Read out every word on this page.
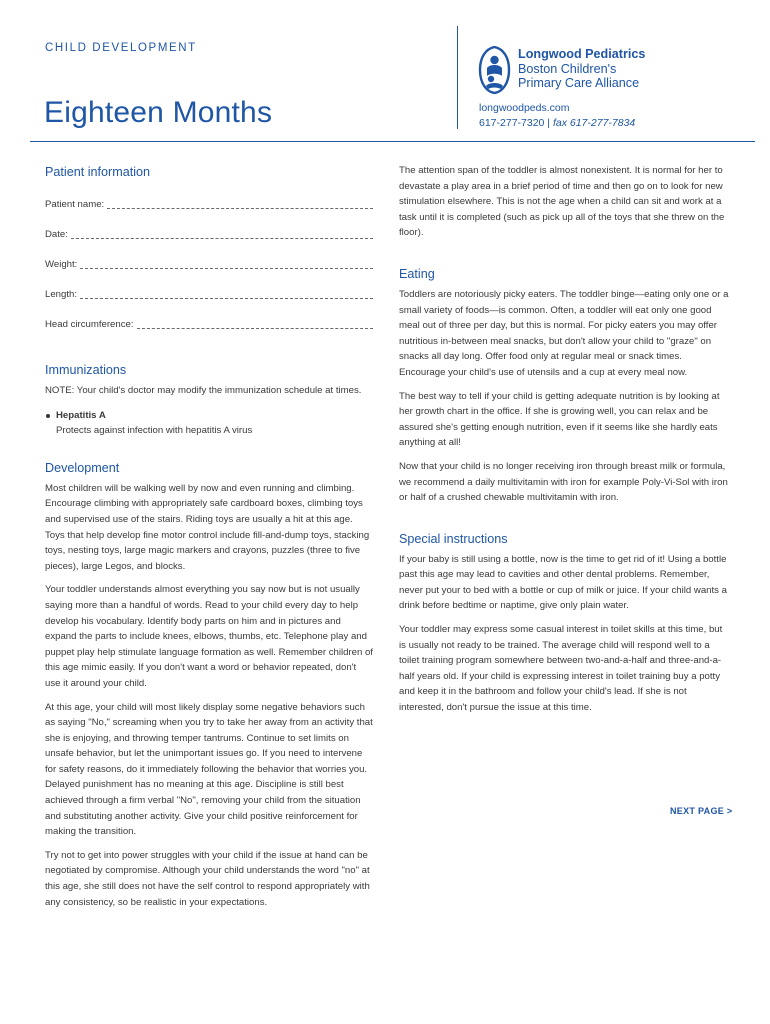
CHILD DEVELOPMENT
Eighteen Months
Longwood Pediatrics
Boston Children's
Primary Care Alliance
longwoodpeds.com
617-277-7320 | fax 617-277-7834
Patient information
Patient name:
Date:
Weight:
Length:
Head circumference:
Immunizations

NOTE: Your child's doctor may modify the immunization schedule at times.

Hepatitis A
Protects against infection with hepatitis A virus
Development

Most children will be walking well by now and even running and climbing. Encourage climbing with appropriately safe cardboard boxes, climbing toys and supervised use of the stairs. Riding toys are usually a hit at this age. Toys that help develop fine motor control include fill-and-dump toys, stacking toys, nesting toys, large magic markers and crayons, puzzles (three to five pieces), large Legos, and blocks.

Your toddler understands almost everything you say now but is not usually saying more than a handful of words. Read to your child every day to help develop his vocabulary. Identify body parts on him and in pictures and expand the parts to include knees, elbows, thumbs, etc. Telephone play and puppet play help stimulate language formation as well. Remember children of this age mimic easily. If you don't want a word or behavior repeated, don't use it around your child.

At this age, your child will most likely display some negative behaviors such as saying "No," screaming when you try to take her away from an activity that she is enjoying, and throwing temper tantrums. Continue to set limits on unsafe behavior, but let the unimportant issues go. If you need to intervene for safety reasons, do it immediately following the behavior that worries you. Delayed punishment has no meaning at this age. Discipline is still best achieved through a firm verbal "No", removing your child from the situation and substituting another activity. Give your child positive reinforcement for making the transition.

Try not to get into power struggles with your child if the issue at hand can be negotiated by compromise. Although your child understands the word "no" at this age, she still does not have the self control to respond appropriately with any consistency, so be realistic in your expectations.

The attention span of the toddler is almost nonexistent. It is normal for her to devastate a play area in a brief period of time and then go on to look for new stimulation elsewhere. This is not the age when a child can sit and work at a task until it is completed (such as pick up all of the toys that she threw on the floor).

Eating

Toddlers are notoriously picky eaters. The toddler binge—eating only one or a small variety of foods—is common. Often, a toddler will eat only one good meal out of three per day, but this is normal. For picky eaters you may offer nutritious in-between meal snacks, but don't allow your child to "graze" on snacks all day long. Offer food only at regular meal or snack times. Encourage your child's use of utensils and a cup at every meal now.

The best way to tell if your child is getting adequate nutrition is by looking at her growth chart in the office. If she is growing well, you can relax and be assured she's getting enough nutrition, even if it seems like she hardly eats anything at all!

Now that your child is no longer receiving iron through breast milk or formula, we recommend a daily multivitamin with iron for example Poly-Vi-Sol with iron or half of a crushed chewable multivitamin with iron.

Special instructions

If your baby is still using a bottle, now is the time to get rid of it! Using a bottle past this age may lead to cavities and other dental problems. Remember, never put your to bed with a bottle or cup of milk or juice. If your child wants a drink before bedtime or naptime, give only plain water.

Your toddler may express some casual interest in toilet skills at this time, but is usually not ready to be trained. The average child will respond well to a toilet training program somewhere between two-and-a-half and three-and-a-half years old. If your child is expressing interest in toilet training buy a potty and keep it in the bathroom and follow your child's lead. If she is not interested, don't pursue the issue at this time.

NEXT PAGE >
